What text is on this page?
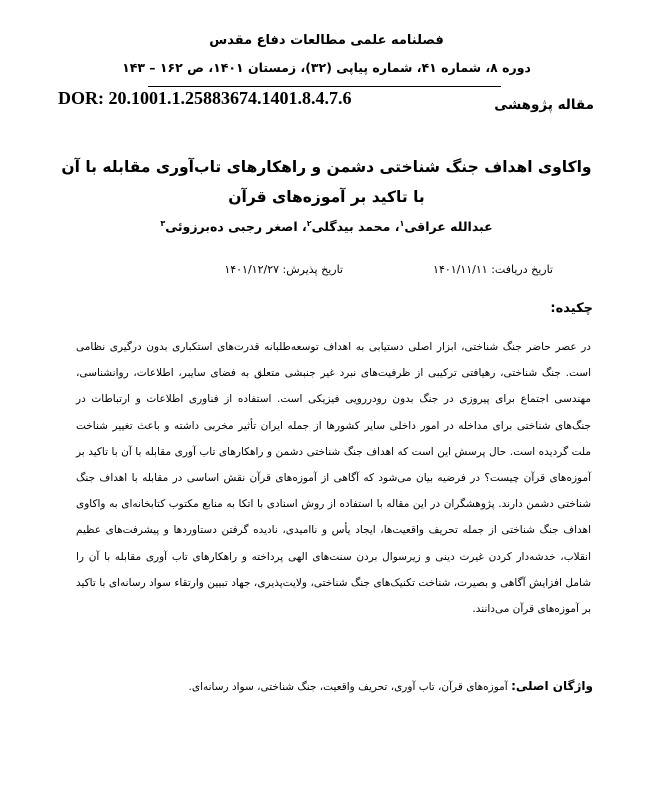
فصلنامه علمی مطالعات دفاع مقدس
دوره ۸، شماره ۴۱، شماره پیاپی (۳۲)، زمستان ۱۴۰۱، ص ۱۶۲ – ۱۴۳
DOR: 20.1001.1.25883674.1401.8.4.7.6	مقاله پژوهشی
واکاوی اهداف جنگ شناختی دشمن و راهکارهای تاب‌آوری مقابله با آن
با تاکید بر آموزه‌های قرآن
عبدالله عراقی$^۱$، محمد بیدگلی$^۲$، اصغر رجبی ده‌برزوئی$^۳$
تاریخ دریافت: ۱۴۰۱/۱۱/۱۱
تاریخ پذیرش: ۱۴۰۱/۱۲/۲۷
چکیده:
در عصر حاضر جنگ شناختی، ابزار اصلی دستیابی به اهداف توسعه‌طلبانه قدرت‌های استکباری بدون درگیری نظامی است. جنگ شناختی، رهیافتی ترکیبی از ظرفیت‌های نبرد غیر جنبشی متعلق به فضای سایبر، اطلاعات، روانشناسی، مهندسی اجتماع برای پیروزی در جنگ بدون رودررویی فیزیکی است. استفاده از فناوری اطلاعات و ارتباطات در جنگ‌های شناختی برای مداخله در امور داخلی سایر کشورها از جمله ایران تأثیر مخربی داشته و باعث تغییر شناخت ملت گردیده است. حال پرسش این است که اهداف جنگ شناختی دشمن و راهکارهای تاب آوری مقابله با آن با تاکید بر آموزه‌های قرآن چیست؟ در فرضیه بیان می‌شود که آگاهی از آموزه‌های قرآن نقش اساسی در مقابله با اهداف جنگ شناختی دشمن دارند. پژوهشگران در این مقاله با استفاده از روش اسنادی با اتکا به منابع مکتوب کتابخانه‌ای به واکاوی اهداف جنگ شناختی از جمله تحریف واقعیت‌ها، ایجاد یأس و ناامیدی، نادیده گرفتن دستاوردها و پیشرفت‌های عظیم انقلاب، خدشه‌دار کردن غیرت دینی و زیرسوال بردن سنت‌های الهی پرداخته و راهکارهای تاب آوری مقابله با آن را شامل افزایش آگاهی و بصیرت، شناخت تکنیک‌های جنگ شناختی، ولایت‌پذیری، جهاد تبیین وارتقاء سواد رسانه‌ای با تاکید بر آموزه‌های قرآن می‌دانند.
واژگان اصلی: آموزه‌های قرآن، تاب آوری، تحریف واقعیت، جنگ شناختی، سواد رسانه‌ای.
